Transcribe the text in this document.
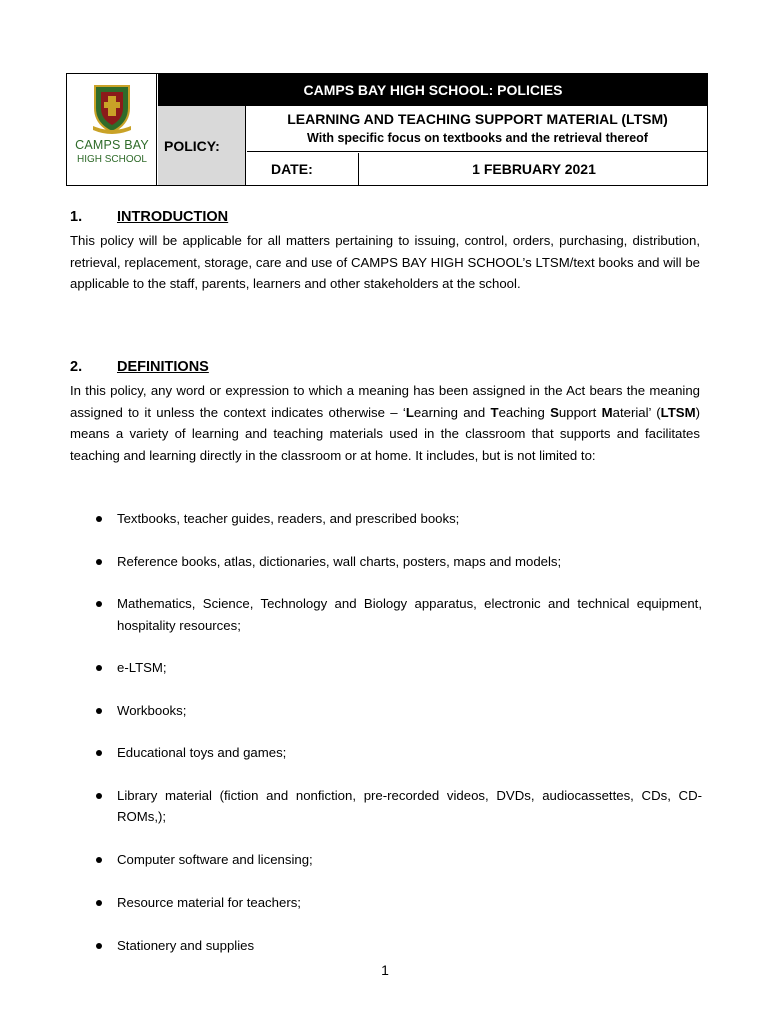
CAMPS BAY
HIGH SCHOOL
CAMPS BAY HIGH SCHOOL: POLICIES
POLICY:
LEARNING AND TEACHING SUPPORT MATERIAL (LTSM)
With specific focus on textbooks and the retrieval thereof
DATE:	1 FEBRUARY 2021
1. INTRODUCTION

This policy will be applicable for all matters pertaining to issuing, control, orders, purchasing, distribution, retrieval, replacement, storage, care and use of CAMPS BAY HIGH SCHOOL’s LTSM/text books and will be applicable to the staff, parents, learners and other stakeholders at the school.

2. DEFINITIONS

In this policy, any word or expression to which a meaning has been assigned in the Act bears the meaning assigned to it unless the context indicates otherwise – ‘Learning and Teaching Support Material’ (LTSM) means a variety of learning and teaching materials used in the classroom that supports and facilitates teaching and learning directly in the classroom or at home. It includes, but is not limited to:

Textbooks, teacher guides, readers, and prescribed books;
Reference books, atlas, dictionaries, wall charts, posters, maps and models;
Mathematics, Science, Technology and Biology apparatus, electronic and technical equipment, hospitality resources;
e-LTSM;
Workbooks;
Educational toys and games;
Library material (fiction and nonfiction, pre-recorded videos, DVDs, audiocassettes, CDs, CD-ROMs,);
Computer software and licensing;
Resource material for teachers;
Stationery and supplies
1
